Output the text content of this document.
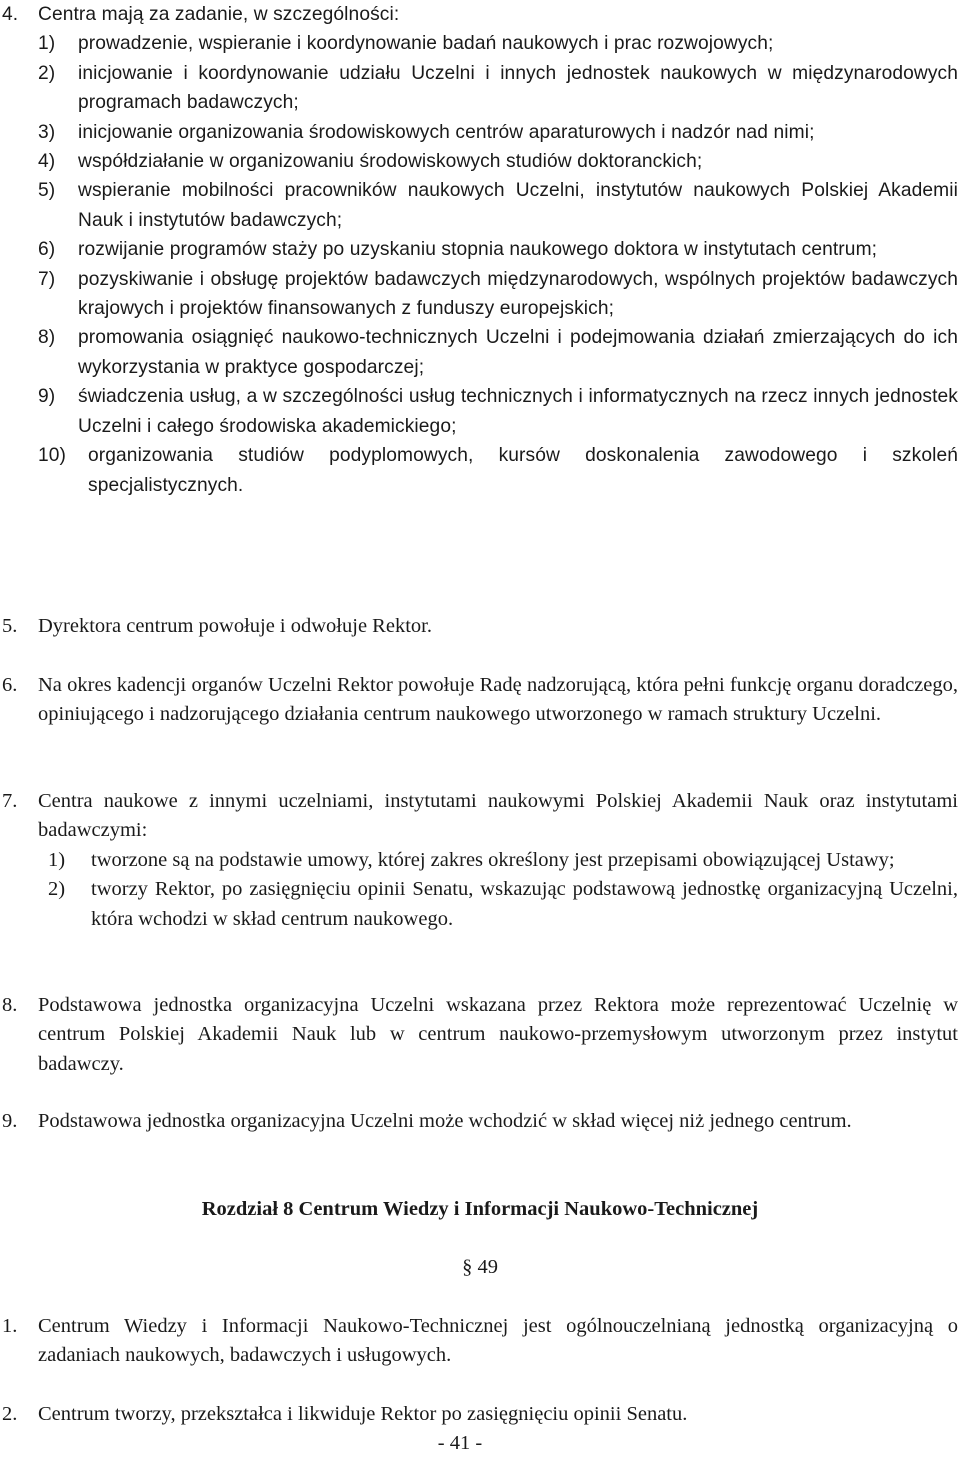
4. Centra mają za zadanie, w szczególności:
1) prowadzenie, wspieranie i koordynowanie badań naukowych i prac rozwojowych;
2) inicjowanie i koordynowanie udziału Uczelni i innych jednostek naukowych w międzynarodowych programach badawczych;
3) inicjowanie organizowania środowiskowych centrów aparaturowych i nadzór nad nimi;
4) współdziałanie w organizowaniu środowiskowych studiów doktoranckich;
5) wspieranie mobilności pracowników naukowych Uczelni, instytutów naukowych Polskiej Akademii Nauk i instytutów badawczych;
6) rozwijanie programów staży po uzyskaniu stopnia naukowego doktora w instytutach centrum;
7) pozyskiwanie i obsługę projektów badawczych międzynarodowych, wspólnych projektów badawczych krajowych i projektów finansowanych z funduszy europejskich;
8) promowania osiągnięć naukowo-technicznych Uczelni i podejmowania działań zmierzających do ich wykorzystania w praktyce gospodarczej;
9) świadczenia usług, a w szczególności usług technicznych i informatycznych na rzecz innych jednostek Uczelni i całego środowiska akademickiego;
10) organizowania studiów podyplomowych, kursów doskonalenia zawodowego i szkoleń specjalistycznych.
5. Dyrektora centrum powołuje i odwołuje Rektor.
6. Na okres kadencji organów Uczelni Rektor powołuje Radę nadzorującą, która pełni funkcję organu doradczego, opiniującego i nadzorującego działania centrum naukowego utworzonego w ramach struktury Uczelni.
7. Centra naukowe z innymi uczelniami, instytutami naukowymi Polskiej Akademii Nauk oraz instytutami badawczymi:
1) tworzone są na podstawie umowy, której zakres określony jest przepisami obowiązującej Ustawy;
2) tworzy Rektor, po zasięgnięciu opinii Senatu, wskazując podstawową jednostkę organizacyjną Uczelni, która wchodzi w skład centrum naukowego.
8. Podstawowa jednostka organizacyjna Uczelni wskazana przez Rektora może reprezentować Uczelnię w centrum Polskiej Akademii Nauk lub w centrum naukowo-przemysłowym utworzonym przez instytut badawczy.
9. Podstawowa jednostka organizacyjna Uczelni może wchodzić w skład więcej niż jednego centrum.
Rozdział 8 Centrum Wiedzy i Informacji Naukowo-Technicznej
§ 49
1. Centrum Wiedzy i Informacji Naukowo-Technicznej jest ogólnouczelnianą jednostką organizacyjną o zadaniach naukowych, badawczych i usługowych.
2. Centrum tworzy, przekształca i likwiduje Rektor po zasięgnięciu opinii Senatu.
- 41 -
